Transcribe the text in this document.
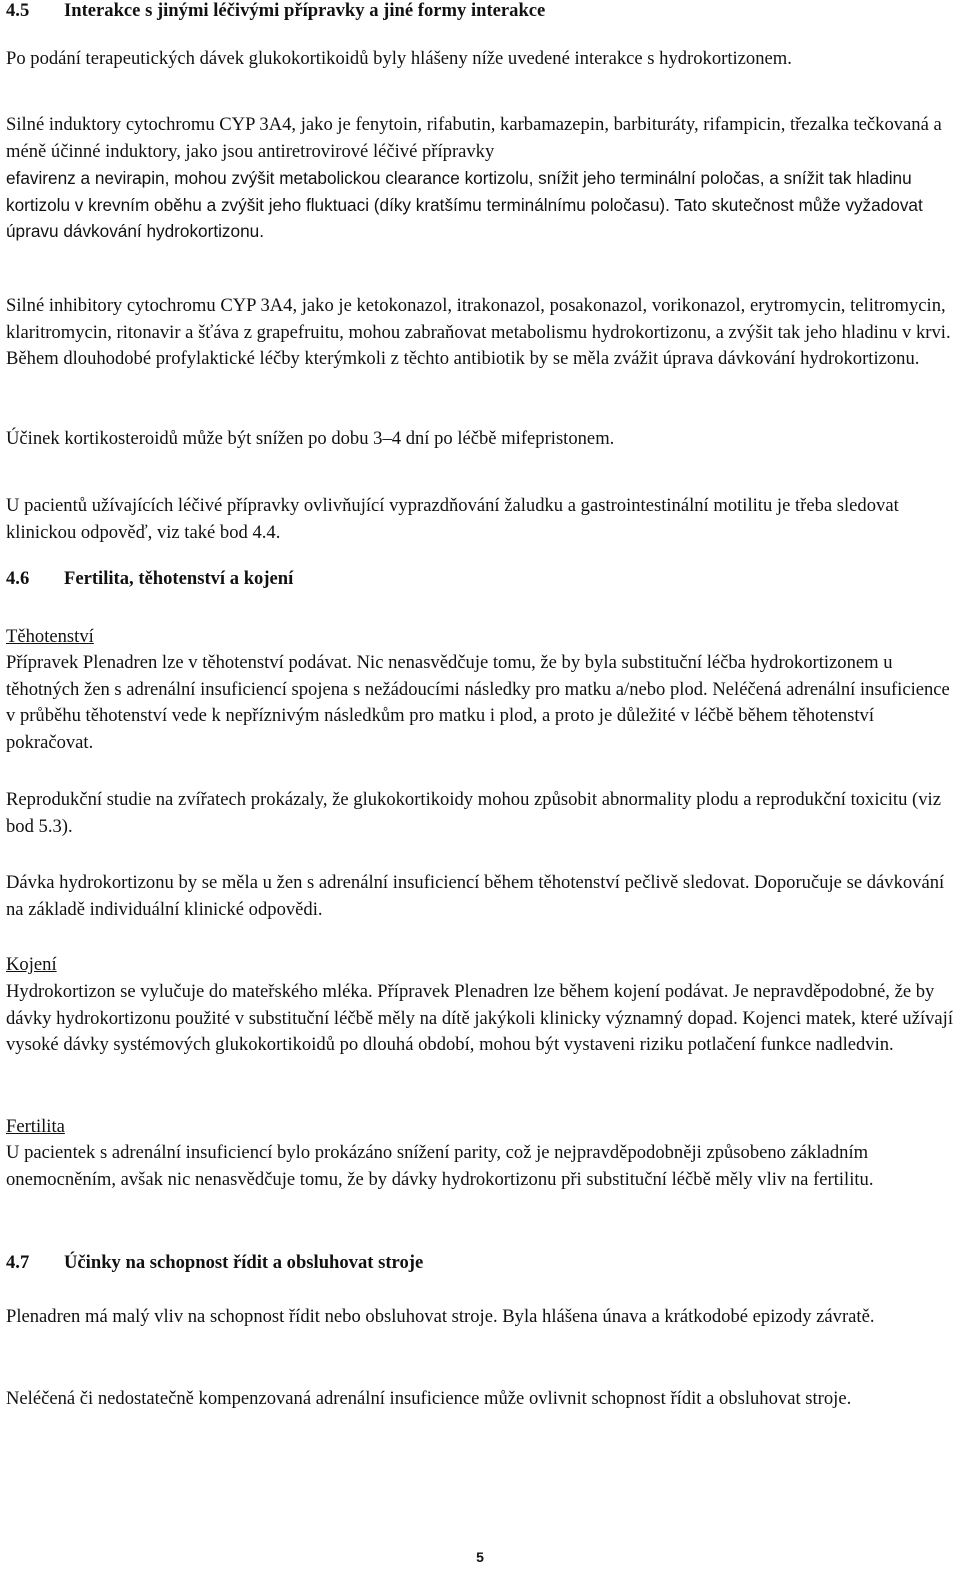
4.5 Interakce s jinými léčivými přípravky a jiné formy interakce

Po podání terapeutických dávek glukokortikoidů byly hlášeny níže uvedené interakce s hydrokortizonem.

Silné induktory cytochromu CYP 3A4, jako je fenytoin, rifabutin, karbamazepin, barbituráty, rifampicin, třezalka tečkovaná a méně účinné induktory, jako jsou antiretrovirové léčivé přípravky

efavirenz a nevirapin, mohou zvýšit metabolickou clearance kortizolu, snížit jeho terminální poločas, a snížit tak hladinu kortizolu v krevním oběhu a zvýšit jeho fluktuaci (díky kratšímu terminálnímu poločasu). Tato skutečnost může vyžadovat úpravu dávkování hydrokortizonu.

Silné inhibitory cytochromu CYP 3A4, jako je ketokonazol, itrakonazol, posakonazol, vorikonazol, erytromycin, telitromycin, klaritromycin, ritonavir a šťáva z grapefruitu, mohou zabraňovat metabolismu hydrokortizonu, a zvýšit tak jeho hladinu v krvi. Během dlouhodobé profylaktické léčby kterýmkoli z těchto antibiotik by se měla zvážit úprava dávkování hydrokortizonu.

Účinek kortikosteroidů může být snížen po dobu 3–4 dní po léčbě mifepristonem.

U pacientů užívajících léčivé přípravky ovlivňující vyprazdňování žaludku a gastrointestinální motilitu je třeba sledovat klinickou odpověď, viz také bod 4.4.

4.6 Fertilita, těhotenství a kojení

Těhotenství

Přípravek Plenadren lze v těhotenství podávat. Nic nenasvědčuje tomu, že by byla substituční léčba hydrokortizonem u těhotných žen s adrenální insuficiencí spojena s nežádoucími následky pro matku a/nebo plod. Neléčená adrenální insuficience v průběhu těhotenství vede k nepříznivým následkům pro matku i plod, a proto je důležité v léčbě během těhotenství pokračovat.

Reprodukční studie na zvířatech prokázaly, že glukokortikoidy mohou způsobit abnormality plodu a reprodukční toxicitu (viz bod 5.3).

Dávka hydrokortizonu by se měla u žen s adrenální insuficiencí během těhotenství pečlivě sledovat. Doporučuje se dávkování na základě individuální klinické odpovědi.

Kojení

Hydrokortizon se vylučuje do mateřského mléka. Přípravek Plenadren lze během kojení podávat. Je nepravděpodobné, že by dávky hydrokortizonu použité v substituční léčbě měly na dítě jakýkoli klinicky významný dopad. Kojenci matek, které užívají vysoké dávky systémových glukokortikoidů po dlouhá období, mohou být vystaveni riziku potlačení funkce nadledvin.

Fertilita

U pacientek s adrenální insuficiencí bylo prokázáno snížení parity, což je nejpravděpodobněji způsobeno základním onemocněním, avšak nic nenasvědčuje tomu, že by dávky hydrokortizonu při substituční léčbě měly vliv na fertilitu.

4.7 Účinky na schopnost řídit a obsluhovat stroje

Plenadren má malý vliv na schopnost řídit nebo obsluhovat stroje. Byla hlášena únava a krátkodobé epizody závratě.

Neléčená či nedostatečně kompenzovaná adrenální insuficience může ovlivnit schopnost řídit a obsluhovat stroje.

5
